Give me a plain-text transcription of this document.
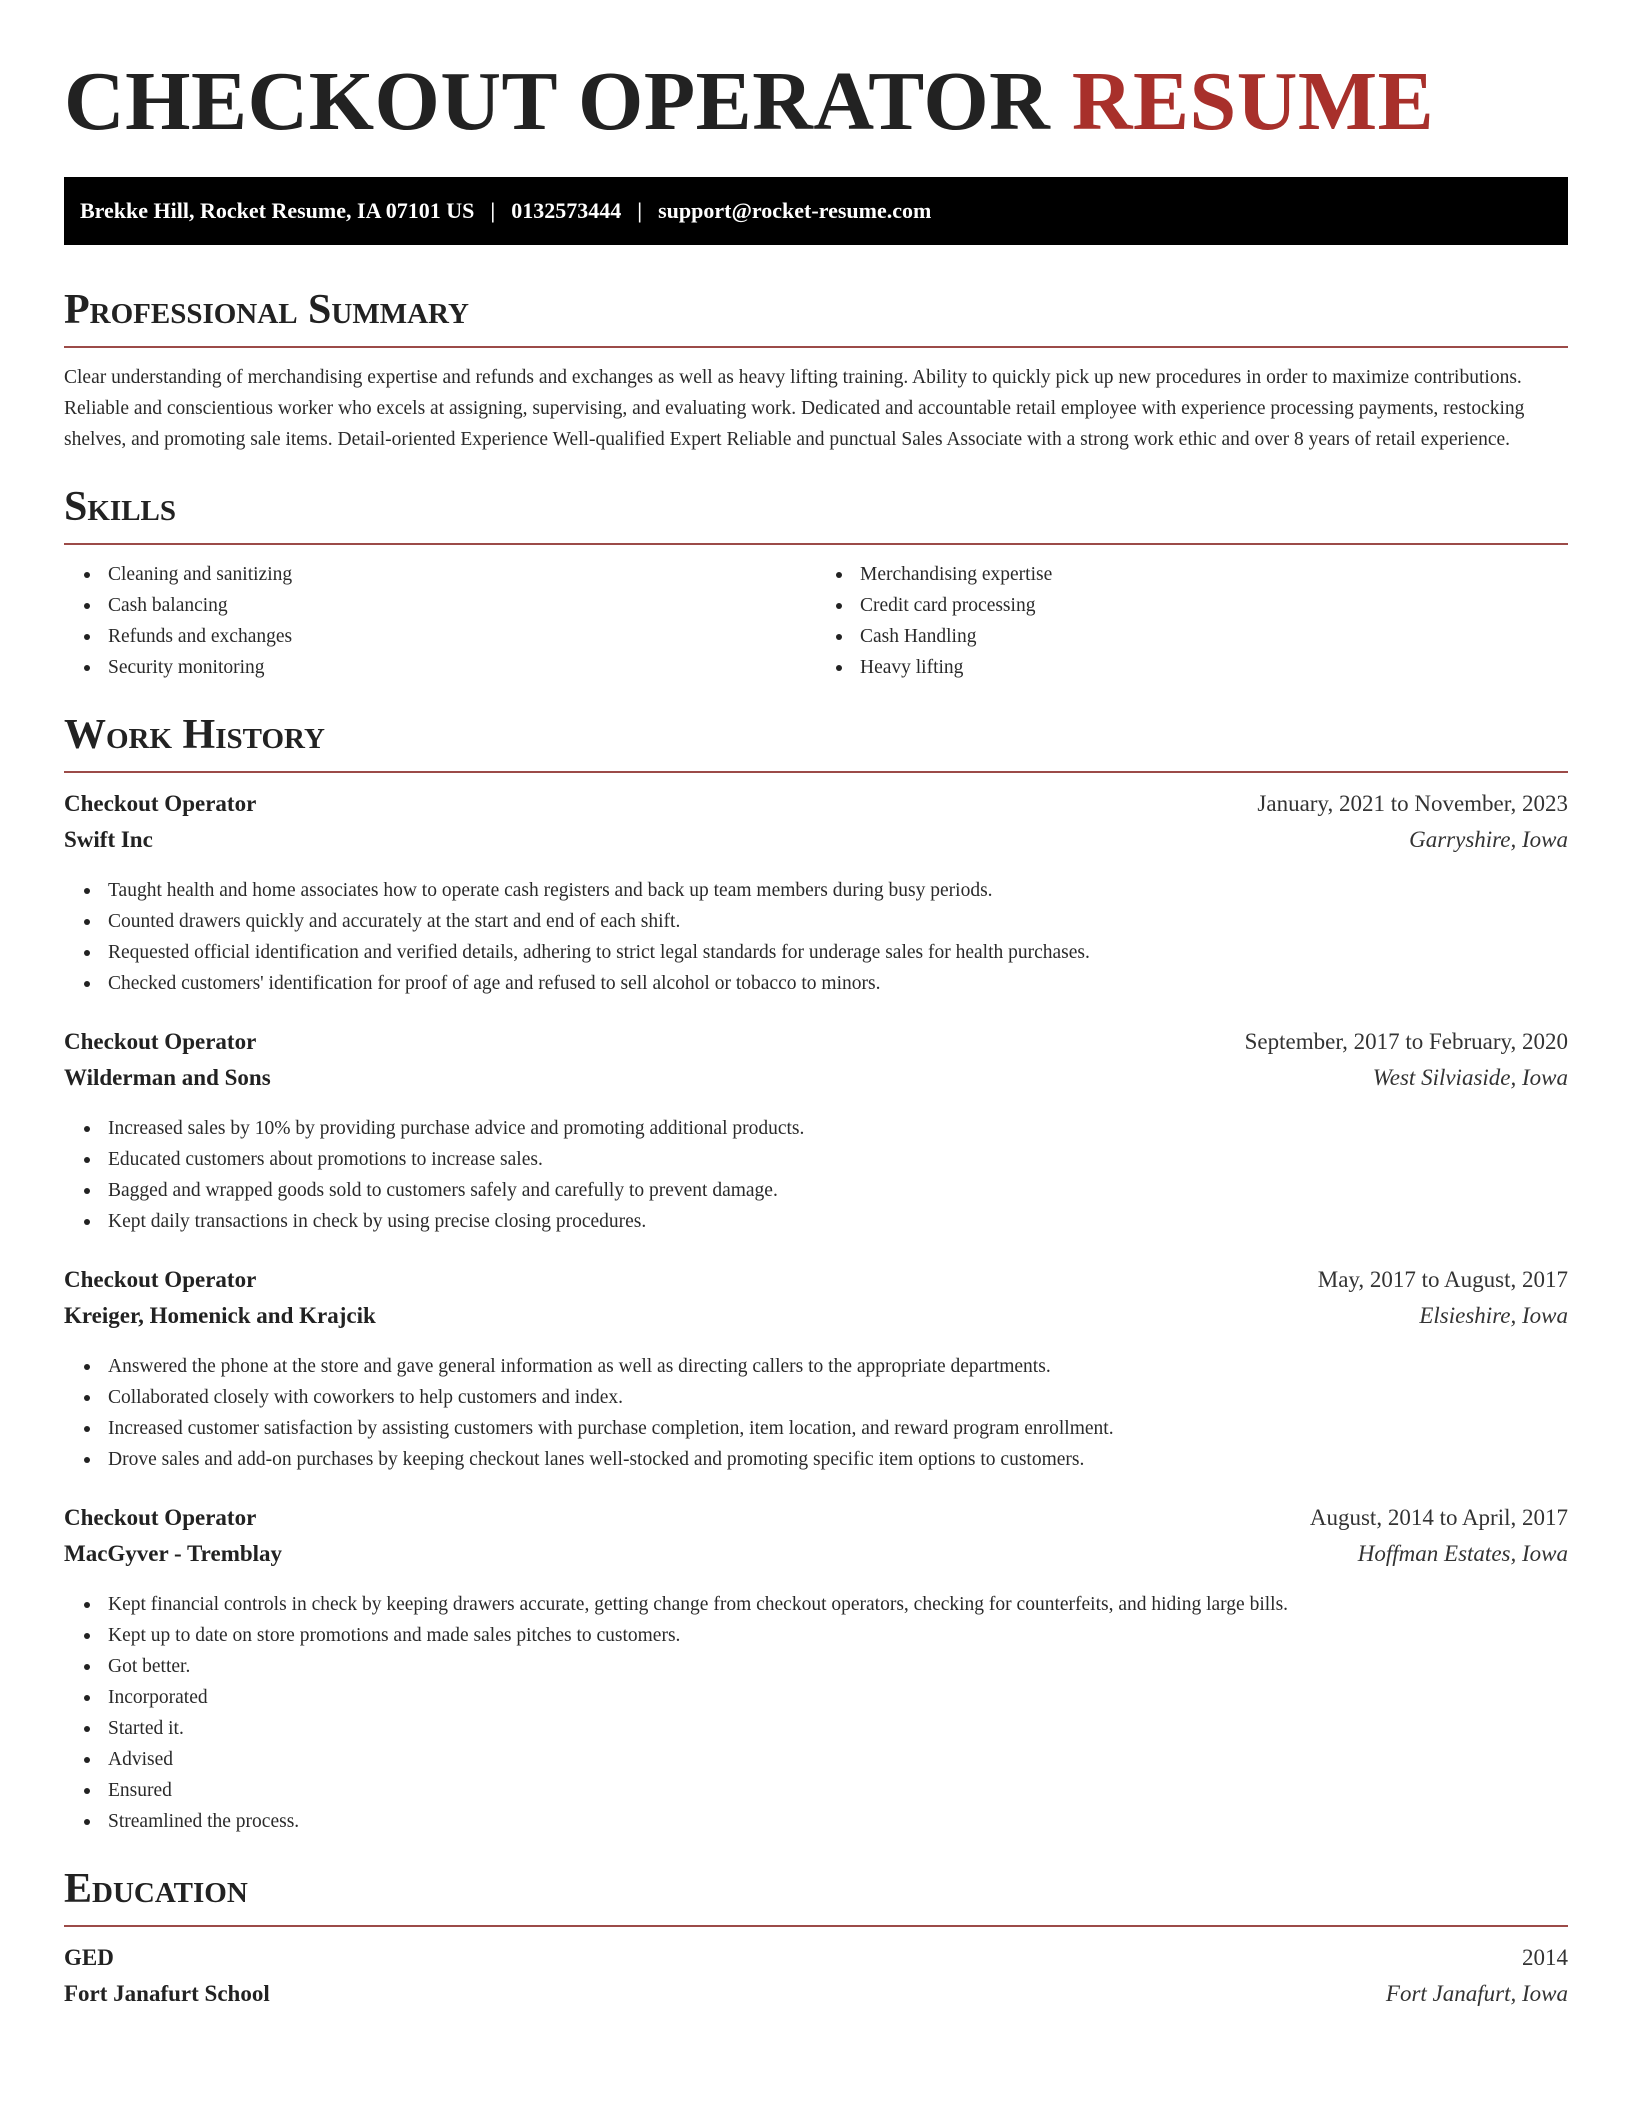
CHECKOUT OPERATOR RESUME
Brekke Hill, Rocket Resume, IA 07101 US | 0132573444 | support@rocket-resume.com
Professional Summary

Clear understanding of merchandising expertise and refunds and exchanges as well as heavy lifting training. Ability to quickly pick up new procedures in order to maximize contributions. Reliable and conscientious worker who excels at assigning, supervising, and evaluating work. Dedicated and accountable retail employee with experience processing payments, restocking shelves, and promoting sale items. Detail-oriented Experience Well-qualified Expert Reliable and punctual Sales Associate with a strong work ethic and over 8 years of retail experience.

Skills
Cleaning and sanitizing
Cash balancing
Refunds and exchanges
Security monitoring
Merchandising expertise
Credit card processing
Cash Handling
Heavy lifting
Work History
Checkout Operator	January, 2021 to November, 2023
Swift Inc	Garryshire, Iowa
Taught health and home associates how to operate cash registers and back up team members during busy periods.
Counted drawers quickly and accurately at the start and end of each shift.
Requested official identification and verified details, adhering to strict legal standards for underage sales for health purchases.
Checked customers' identification for proof of age and refused to sell alcohol or tobacco to minors.
Checkout Operator	September, 2017 to February, 2020
Wilderman and Sons	West Silviaside, Iowa
Increased sales by 10% by providing purchase advice and promoting additional products.
Educated customers about promotions to increase sales.
Bagged and wrapped goods sold to customers safely and carefully to prevent damage.
Kept daily transactions in check by using precise closing procedures.
Checkout Operator	May, 2017 to August, 2017
Kreiger, Homenick and Krajcik	Elsieshire, Iowa
Answered the phone at the store and gave general information as well as directing callers to the appropriate departments.
Collaborated closely with coworkers to help customers and index.
Increased customer satisfaction by assisting customers with purchase completion, item location, and reward program enrollment.
Drove sales and add-on purchases by keeping checkout lanes well-stocked and promoting specific item options to customers.
Checkout Operator	August, 2014 to April, 2017
MacGyver - Tremblay	Hoffman Estates, Iowa
Kept financial controls in check by keeping drawers accurate, getting change from checkout operators, checking for counterfeits, and hiding large bills.
Kept up to date on store promotions and made sales pitches to customers.
Got better.
Incorporated
Started it.
Advised
Ensured
Streamlined the process.
Education
GED	2014
Fort Janafurt School	Fort Janafurt, Iowa
